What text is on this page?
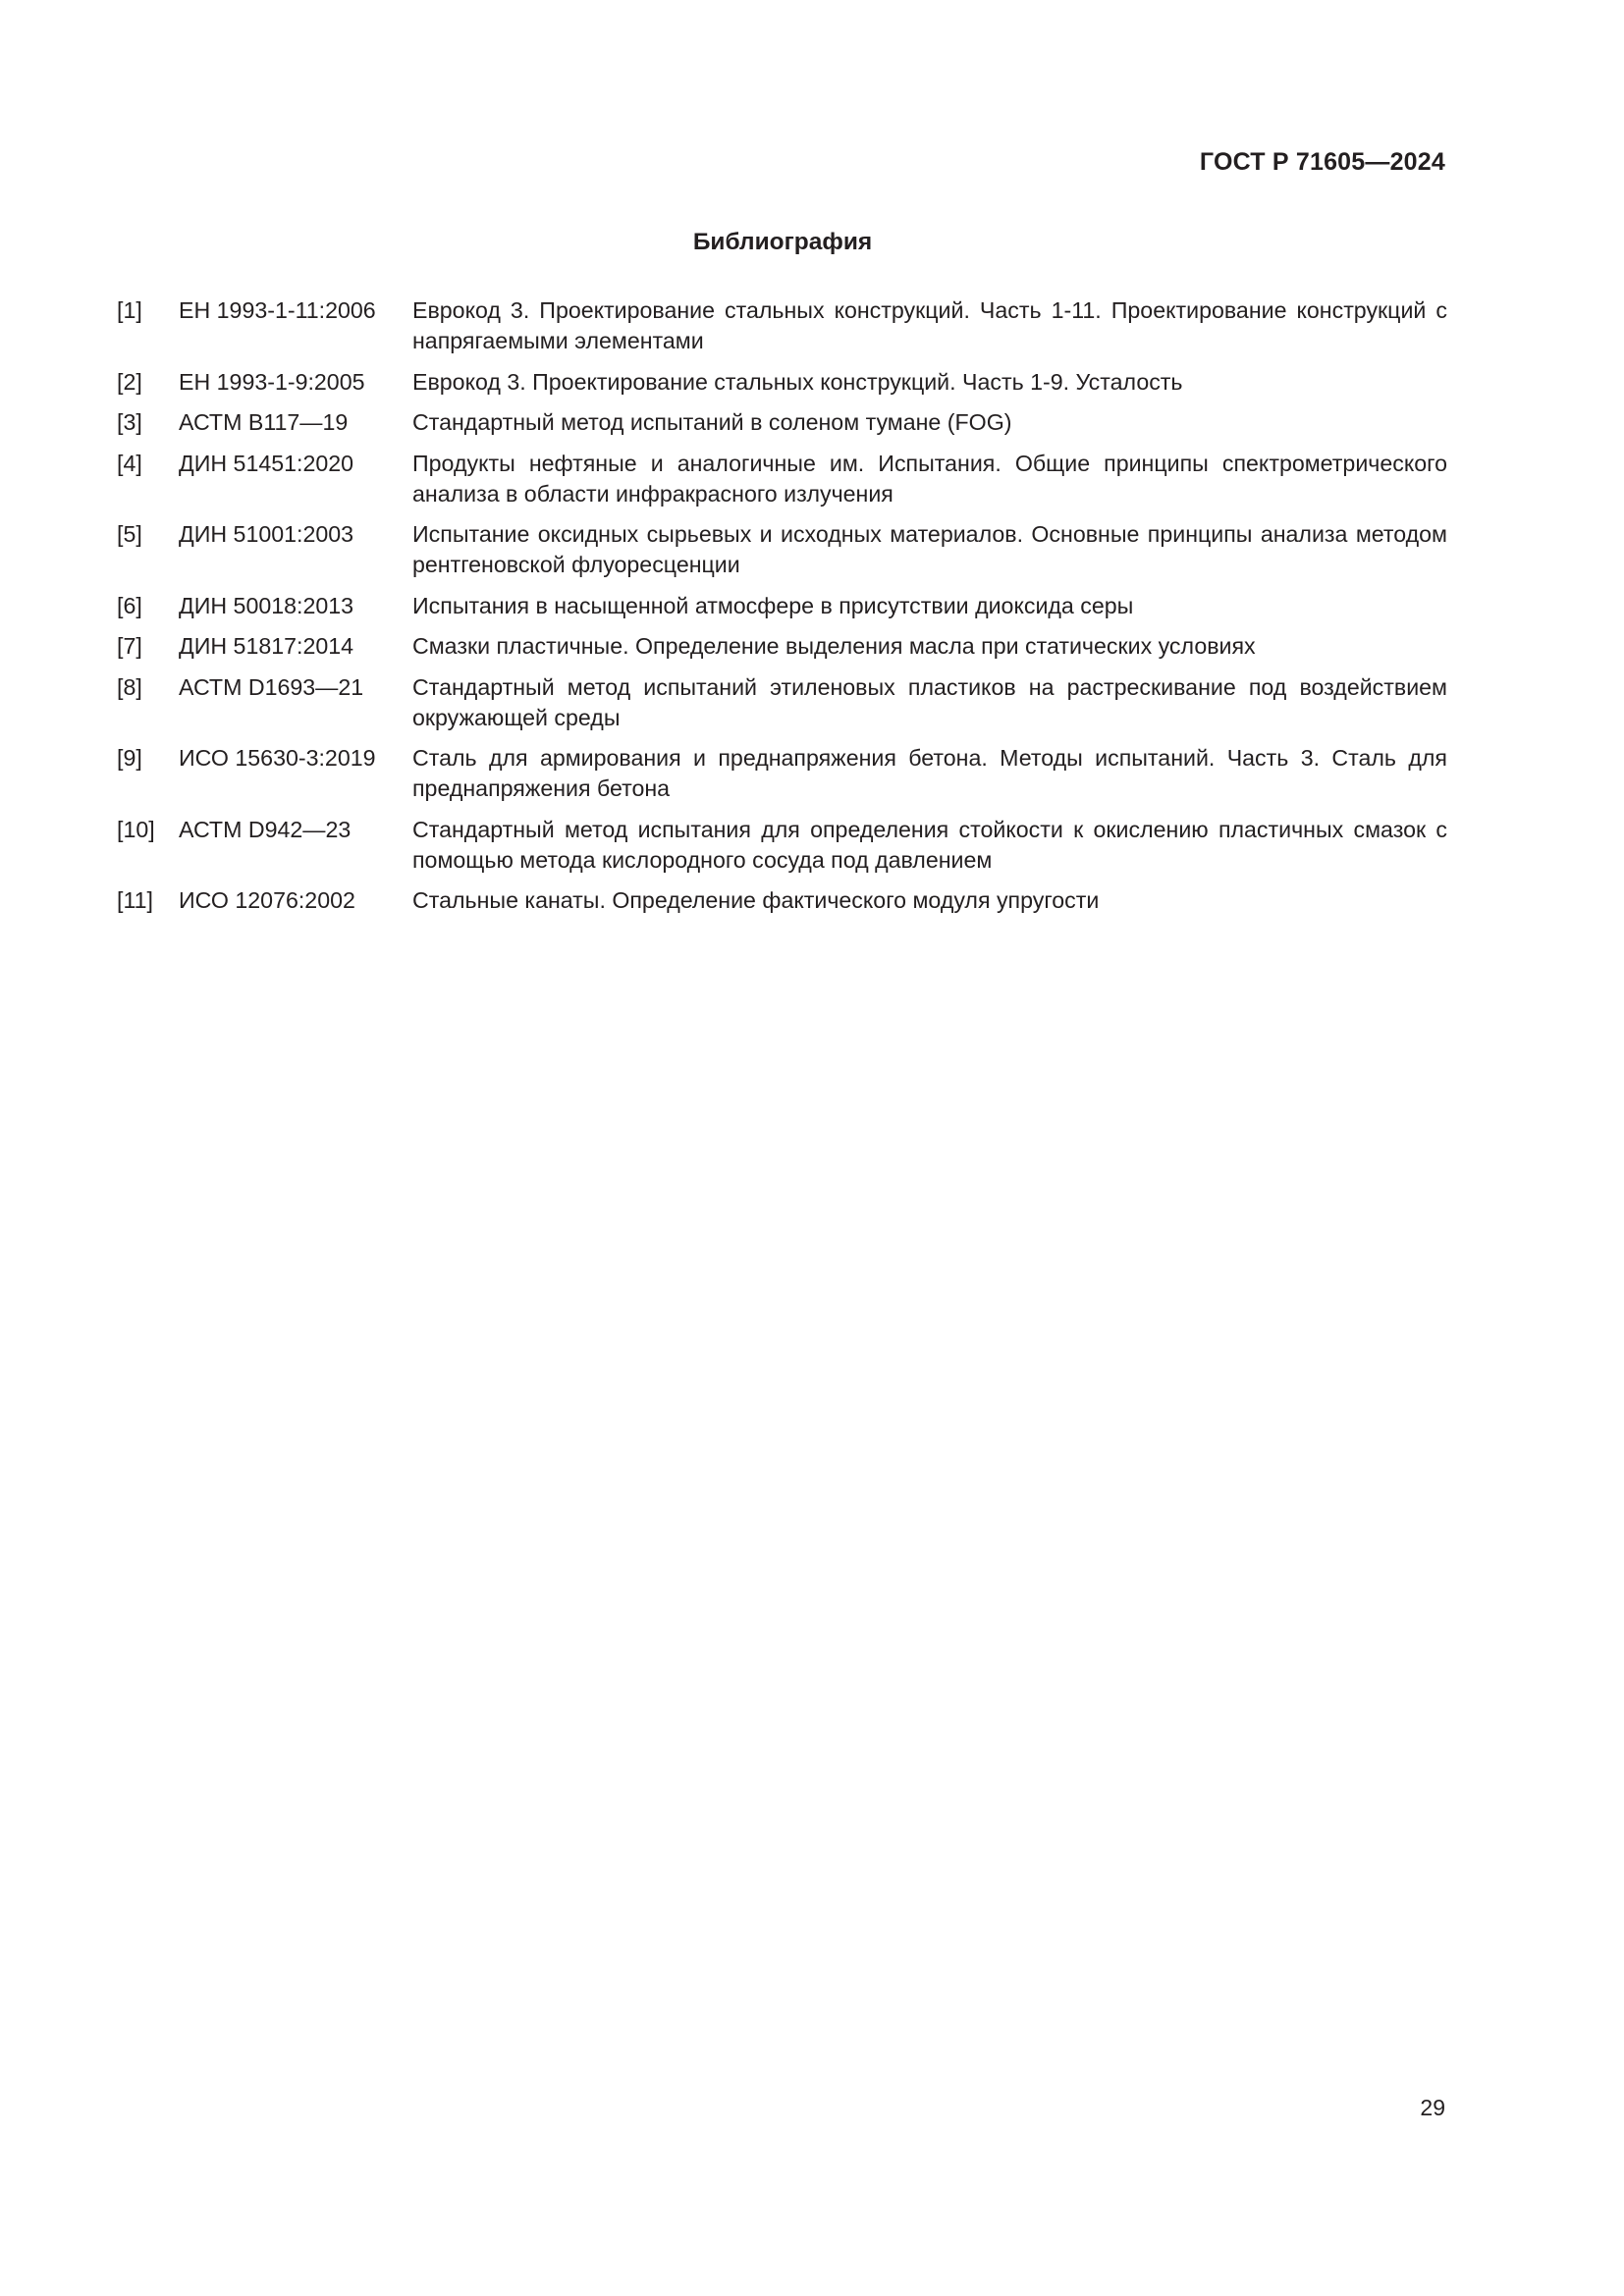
ГОСТ Р 71605—2024
Библиография
[1]	ЕН 1993-1-11:2006	Еврокод 3. Проектирование стальных конструкций. Часть 1-11. Проектирование конструкций с напрягаемыми элементами
[2]	ЕН 1993-1-9:2005	Еврокод 3. Проектирование стальных конструкций. Часть 1-9. Усталость
[3]	АСТМ В117—19	Стандартный метод испытаний в соленом тумане (FOG)
[4]	ДИН 51451:2020	Продукты нефтяные и аналогичные им. Испытания. Общие принципы спектрометрического анализа в области инфракрасного излучения
[5]	ДИН 51001:2003	Испытание оксидных сырьевых и исходных материалов. Основные принципы анализа методом рентгеновской флуоресценции
[6]	ДИН 50018:2013	Испытания в насыщенной атмосфере в присутствии диоксида серы
[7]	ДИН 51817:2014	Смазки пластичные. Определение выделения масла при статических условиях
[8]	АСТМ D1693—21	Стандартный метод испытаний этиленовых пластиков на растрескивание под воздействием окружающей среды
[9]	ИСО 15630-3:2019	Сталь для армирования и преднапряжения бетона. Методы испытаний. Часть 3. Сталь для преднапряжения бетона
[10]	АСТМ D942—23	Стандартный метод испытания для определения стойкости к окислению пластичных смазок с помощью метода кислородного сосуда под давлением
[11]	ИСО 12076:2002	Стальные канаты. Определение фактического модуля упругости
29
